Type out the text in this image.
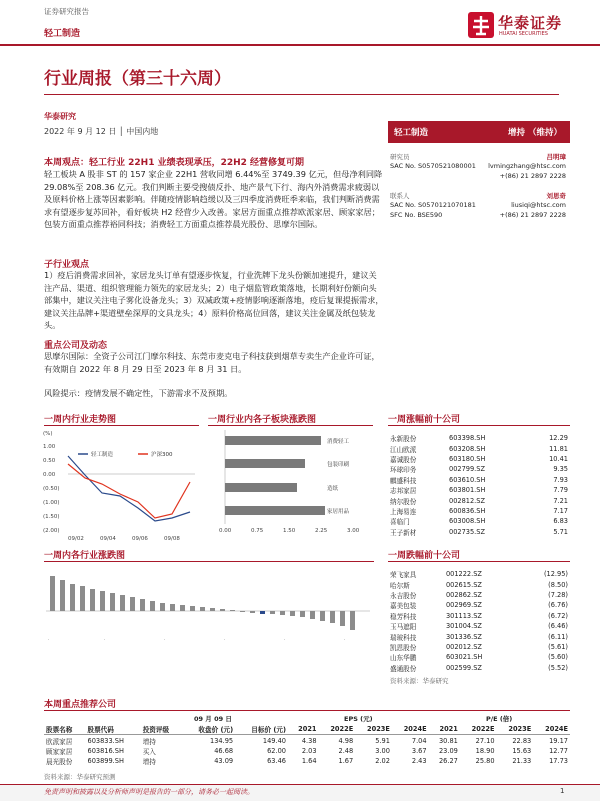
证券研究报告
轻工制造
华泰证券
HUATAI SECURITIES
行业周报（第三十六周）
华泰研究
2022 年 9 月 12 日 │ 中国内地	轻工制造	增持 （维持）
研究员	吕明璋
SAC No. S0570521080001 lvmingzhang@htsc.com
+(86) 21 2897 2228
联系人	刘思奇
SAC No. S0570121070181	liusiqi@htsc.com
SFC No. BSE590	+(86) 21 2897 2228
本周观点：轻工行业 22H1 业绩表现承压，22H2 经营修复可期
轻工板块 A 股非 ST 的 157 家企业 22H1 营收同增 6.44%至 3749.39 亿元，但母净利同降 29.08%至 208.36 亿元。我们判断主要受搜债反扑、地产景气下行、海内外消费需求疲弱以及原料价格上涨等因素影响。伴随疫情影响趋缓以及三四季度消费旺季来临，我们判断消费需求有望逐步复苏回补，看好板块 H2 经营少入改善。家居方面重点推荐欧派家居、顾家家居；包装方面重点推荐裕同科技；消费轻工方面重点推荐晨光股份、思摩尔国际。
子行业观点
1）疫后消费需求回补，家居龙头订单有望逐步恢复，行业洗牌下龙头份额加速提升，建议关注产品、渠道、组织管理能力领先的家居龙头；2）电子烟监管政策落地，长期利好份额向头部集中，建议关注电子雾化设备龙头；3）双减政策+疫情影响逐渐落地，疫后复课提振需求，建议关注品牌+渠道壁垒深厚的文具龙头；4）原料价格高位回落，建议关注金属及纸包装龙头。
重点公司及动态
思摩尔国际：全资子公司江门摩尔科技、东莞市麦克电子科技获到烟草专卖生产企业许可证，有效期自 2022 年 8 月 29 日至 2023 年 8 月 31 日。
风险提示：疫情发展不确定性，下游需求不及预期。
一周内行业走势图
(%)
1.00
0.50
0.00
(0.50)
(1.00)
(1.50)
(2.00)
轻工制造	沪深300
09/02	09/04	09/06	09/08
一周行业内各子板块涨跌图
消费轻工
包装印刷
造纸
家居用品
0.00	0.75	1.50	2.25	3.00
一周内各行业涨跌图
·	·	·	·	·	·
一周涨幅前十公司
永新股份	603398.SH	12.29
江山欧派	603208.SH	11.81
嘉诚股份	603180.SH	10.41
环球印务	002799.SZ	9.35
麒盛科技	603610.SH	7.93
志邦家居	603801.SH	7.79
纳尔股份	002812.SZ	7.21
上海易连	600836.SH	7.17
喜临门	603008.SH	6.83
王子新材	002735.SZ	5.71
一周跌幅前十公司
荣飞家具	001222.SZ	(12.95)
哈尔斯	002615.SZ	(8.50)
永吉股份	002862.SZ	(7.28)
嘉美包装	002969.SZ	(6.76)
稳芳科技	301113.SZ	(6.72)
玉马遮阳	301004.SZ	(6.46)
瑞玻科技	301336.SZ	(6.11)
凯恩股份	002012.SZ	(5.61)
山东华鹏	603021.SH	(5.60)
盛通股份	002599.SZ	(5.52)
资料来源：华泰研究
本周重点推荐公司
09 月 09 日	EPS (元)	P/E (倍)
股票名称	股票代码	投资评级	收盘价 (元)	目标价 (元)	2021	2022E	2023E	2024E	2021	2022E	2023E	2024E
欧派家居	603833.SH	增持	134.95	149.40	4.38	4.98	5.91	7.04	30.81	27.10	22.83	19.17
顾家家居	603816.SH	买入	46.68	62.00	2.03	2.48	3.00	3.67	23.09	18.90	15.63	12.77
晨光股份	603899.SH	增持	43.09	63.46	1.64	1.67	2.02	2.43	26.27	25.80	21.33	17.73
资料来源：华泰研究预测
免责声明和披露以及分析师声明是报告的一部分，请务必一起阅读。	1
